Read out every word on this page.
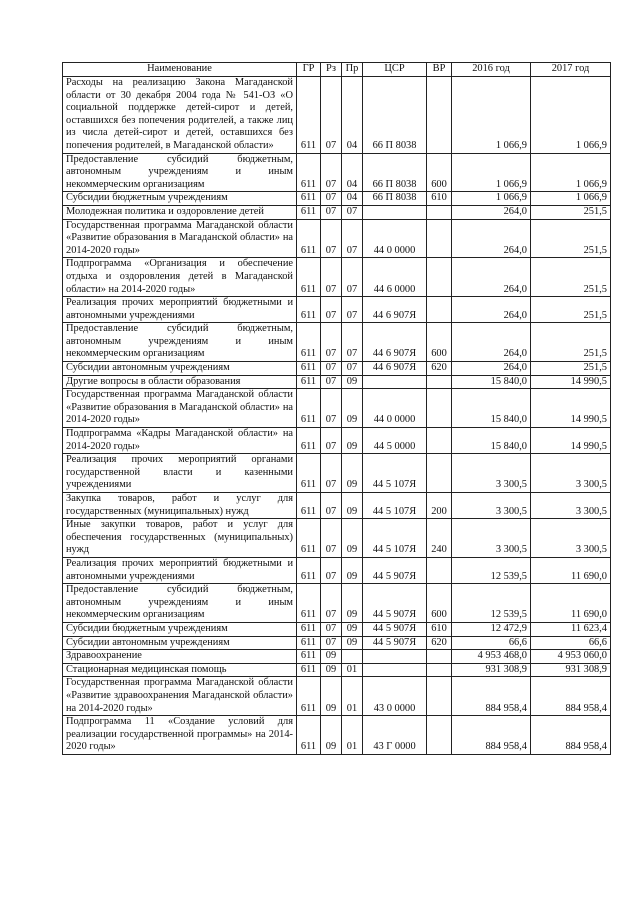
Наименование	ГР	Рз	Пр	ЦСР	ВР	2016 год	2017 год
Расходы на реализацию Закона Магаданской области от 30 декабря 2004 года № 541-ОЗ «О социальной поддержке детей-сирот и детей, оставшихся без попечения родителей, а также лиц из числа детей-сирот и детей, оставшихся без попечения родителей, в Магаданской области»	611	07	04	66 П 8038		1 066,9	1 066,9
Предоставление субсидий бюджетным, автономным учреждениям и иным некоммерческим организациям	611	07	04	66 П 8038	600	1 066,9	1 066,9
Субсидии бюджетным учреждениям	611	07	04	66 П 8038	610	1 066,9	1 066,9
Молодежная политика и оздоровление детей	611	07	07			264,0	251,5
Государственная программа Магаданской области «Развитие образования в Магаданской области» на 2014-2020 годы»	611	07	07	44 0 0000		264,0	251,5
Подпрограмма «Организация и обеспечение отдыха и оздоровления детей в Магаданской области» на 2014-2020 годы»	611	07	07	44 6 0000		264,0	251,5
Реализация прочих мероприятий бюджетными и автономными учреждениями	611	07	07	44 6 907Я		264,0	251,5
Предоставление субсидий бюджетным, автономным учреждениям и иным некоммерческим организациям	611	07	07	44 6 907Я	600	264,0	251,5
Субсидии автономным учреждениям	611	07	07	44 6 907Я	620	264,0	251,5
Другие вопросы в области образования	611	07	09			15 840,0	14 990,5
Государственная программа Магаданской области «Развитие образования в Магаданской области» на 2014-2020 годы»	611	07	09	44 0 0000		15 840,0	14 990,5
Подпрограмма «Кадры Магаданской области» на 2014-2020 годы»	611	07	09	44 5 0000		15 840,0	14 990,5
Реализация прочих мероприятий органами государственной власти и казенными учреждениями	611	07	09	44 5 107Я		3 300,5	3 300,5
Закупка товаров, работ и услуг для государственных (муниципальных) нужд	611	07	09	44 5 107Я	200	3 300,5	3 300,5
Иные закупки товаров, работ и услуг для обеспечения государственных (муниципальных) нужд	611	07	09	44 5 107Я	240	3 300,5	3 300,5
Реализация прочих мероприятий бюджетными и автономными учреждениями	611	07	09	44 5 907Я		12 539,5	11 690,0
Предоставление субсидий бюджетным, автономным учреждениям и иным некоммерческим организациям	611	07	09	44 5 907Я	600	12 539,5	11 690,0
Субсидии бюджетным учреждениям	611	07	09	44 5 907Я	610	12 472,9	11 623,4
Субсидии автономным учреждениям	611	07	09	44 5 907Я	620	66,6	66,6
Здравоохранение	611	09				4 953 468,0	4 953 060,0
Стационарная медицинская помощь	611	09	01			931 308,9	931 308,9
Государственная программа Магаданской области «Развитие здравоохранения Магаданской области» на 2014-2020 годы»	611	09	01	43 0 0000		884 958,4	884 958,4
Подпрограмма 11 «Создание условий для реализации государственной программы» на 2014-2020 годы»	611	09	01	43 Г 0000		884 958,4	884 958,4
